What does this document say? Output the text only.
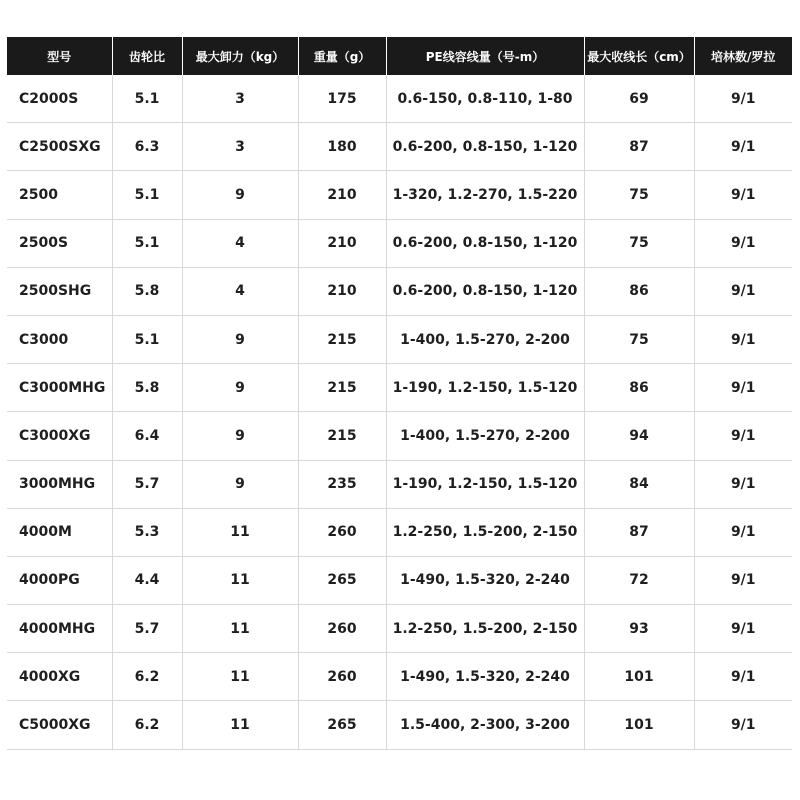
型号	齿轮比	最大卸力（kg）	重量（g）	PE线容线量（号-m）	最大收线长（cm）	培林数/罗拉
C2000S	5.1	3	175	0.6-150, 0.8-110, 1-80	69	9/1
C2500SXG	6.3	3	180	0.6-200, 0.8-150, 1-120	87	9/1
2500	5.1	9	210	1-320, 1.2-270, 1.5-220	75	9/1
2500S	5.1	4	210	0.6-200, 0.8-150, 1-120	75	9/1
2500SHG	5.8	4	210	0.6-200, 0.8-150, 1-120	86	9/1
C3000	5.1	9	215	1-400, 1.5-270, 2-200	75	9/1
C3000MHG	5.8	9	215	1-190, 1.2-150, 1.5-120	86	9/1
C3000XG	6.4	9	215	1-400, 1.5-270, 2-200	94	9/1
3000MHG	5.7	9	235	1-190, 1.2-150, 1.5-120	84	9/1
4000M	5.3	11	260	1.2-250, 1.5-200, 2-150	87	9/1
4000PG	4.4	11	265	1-490, 1.5-320, 2-240	72	9/1
4000MHG	5.7	11	260	1.2-250, 1.5-200, 2-150	93	9/1
4000XG	6.2	11	260	1-490, 1.5-320, 2-240	101	9/1
C5000XG	6.2	11	265	1.5-400, 2-300, 3-200	101	9/1
